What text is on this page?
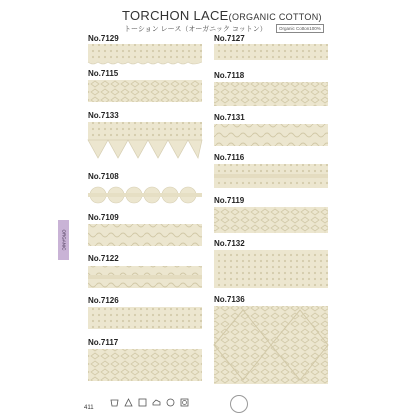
TORCHON LACE(ORGANIC COTTON)
トーション レース（オーガニック コットン）	Organic Cotton100%
No.7129
No.7115
No.7133
No.7108
No.7109
No.7122
No.7126
No.7117
No.7127
No.7118
No.7131
No.7116
No.7119
No.7132
No.7136
ORGANIC
411
